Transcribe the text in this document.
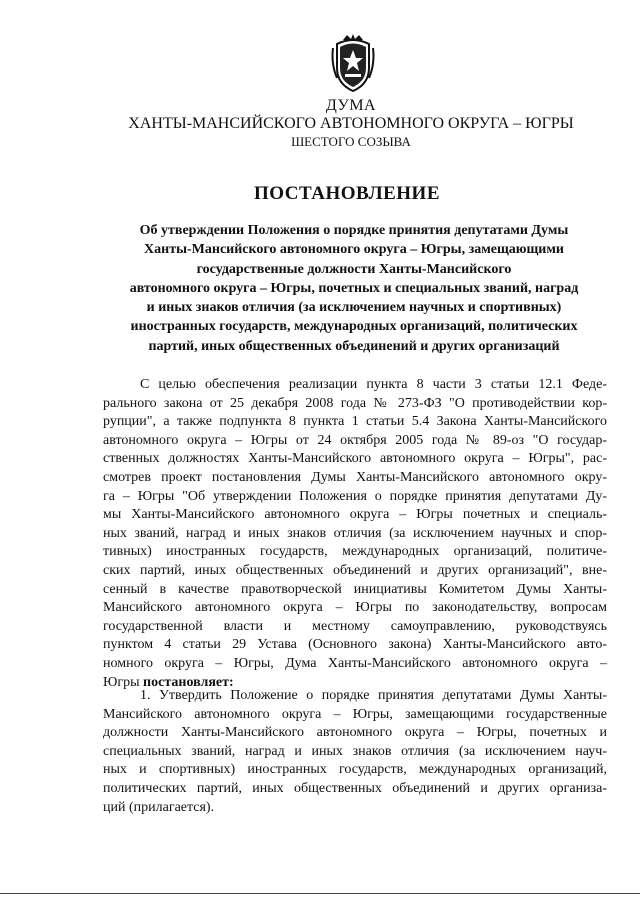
ДУМА
ХАНТЫ-МАНСИЙСКОГО АВТОНОМНОГО ОКРУГА – ЮГРЫ
ШЕСТОГО СОЗЫВА
ПОСТАНОВЛЕНИЕ
Об утверждении Положения о порядке принятия депутатами Думы
Ханты-Мансийского автономного округа – Югры, замещающими
государственные должности Ханты-Мансийского
автономного округа – Югры, почетных и специальных званий, наград
и иных знаков отличия (за исключением научных и спортивных)
иностранных государств, международных организаций, политических
партий, иных общественных объединений и других организаций
С целью обеспечения реализации пункта 8 части 3 статьи 12.1 Феде-
рального закона от 25 декабря 2008 года № 273-ФЗ "О противодействии кор-
рупции", а также подпункта 8 пункта 1 статьи 5.4 Закона Ханты-Мансийского
автономного округа – Югры от 24 октября 2005 года № 89-оз "О государ-
ственных должностях Ханты-Мансийского автономного округа – Югры", рас-
смотрев проект постановления Думы Ханты-Мансийского автономного окру-
га – Югры "Об утверждении Положения о порядке принятия депутатами Ду-
мы Ханты-Мансийского автономного округа – Югры почетных и специаль-
ных званий, наград и иных знаков отличия (за исключением научных и спор-
тивных) иностранных государств, международных организаций, политиче-
ских партий, иных общественных объединений и других организаций", вне-
сенный в качестве правотворческой инициативы Комитетом Думы Ханты-
Мансийского автономного округа – Югры по законодательству, вопросам
государственной власти и местному самоуправлению, руководствуясь
пунктом 4 статьи 29 Устава (Основного закона) Ханты-Мансийского авто-
номного округа – Югры, Дума Ханты-Мансийского автономного округа –
Югры постановляет:
1. Утвердить Положение о порядке принятия депутатами Думы Ханты-
Мансийского автономного округа – Югры, замещающими государственные
должности Ханты-Мансийского автономного округа – Югры, почетных и
специальных званий, наград и иных знаков отличия (за исключением науч-
ных и спортивных) иностранных государств, международных организаций,
политических партий, иных общественных объединений и других организа-
ций (прилагается).
